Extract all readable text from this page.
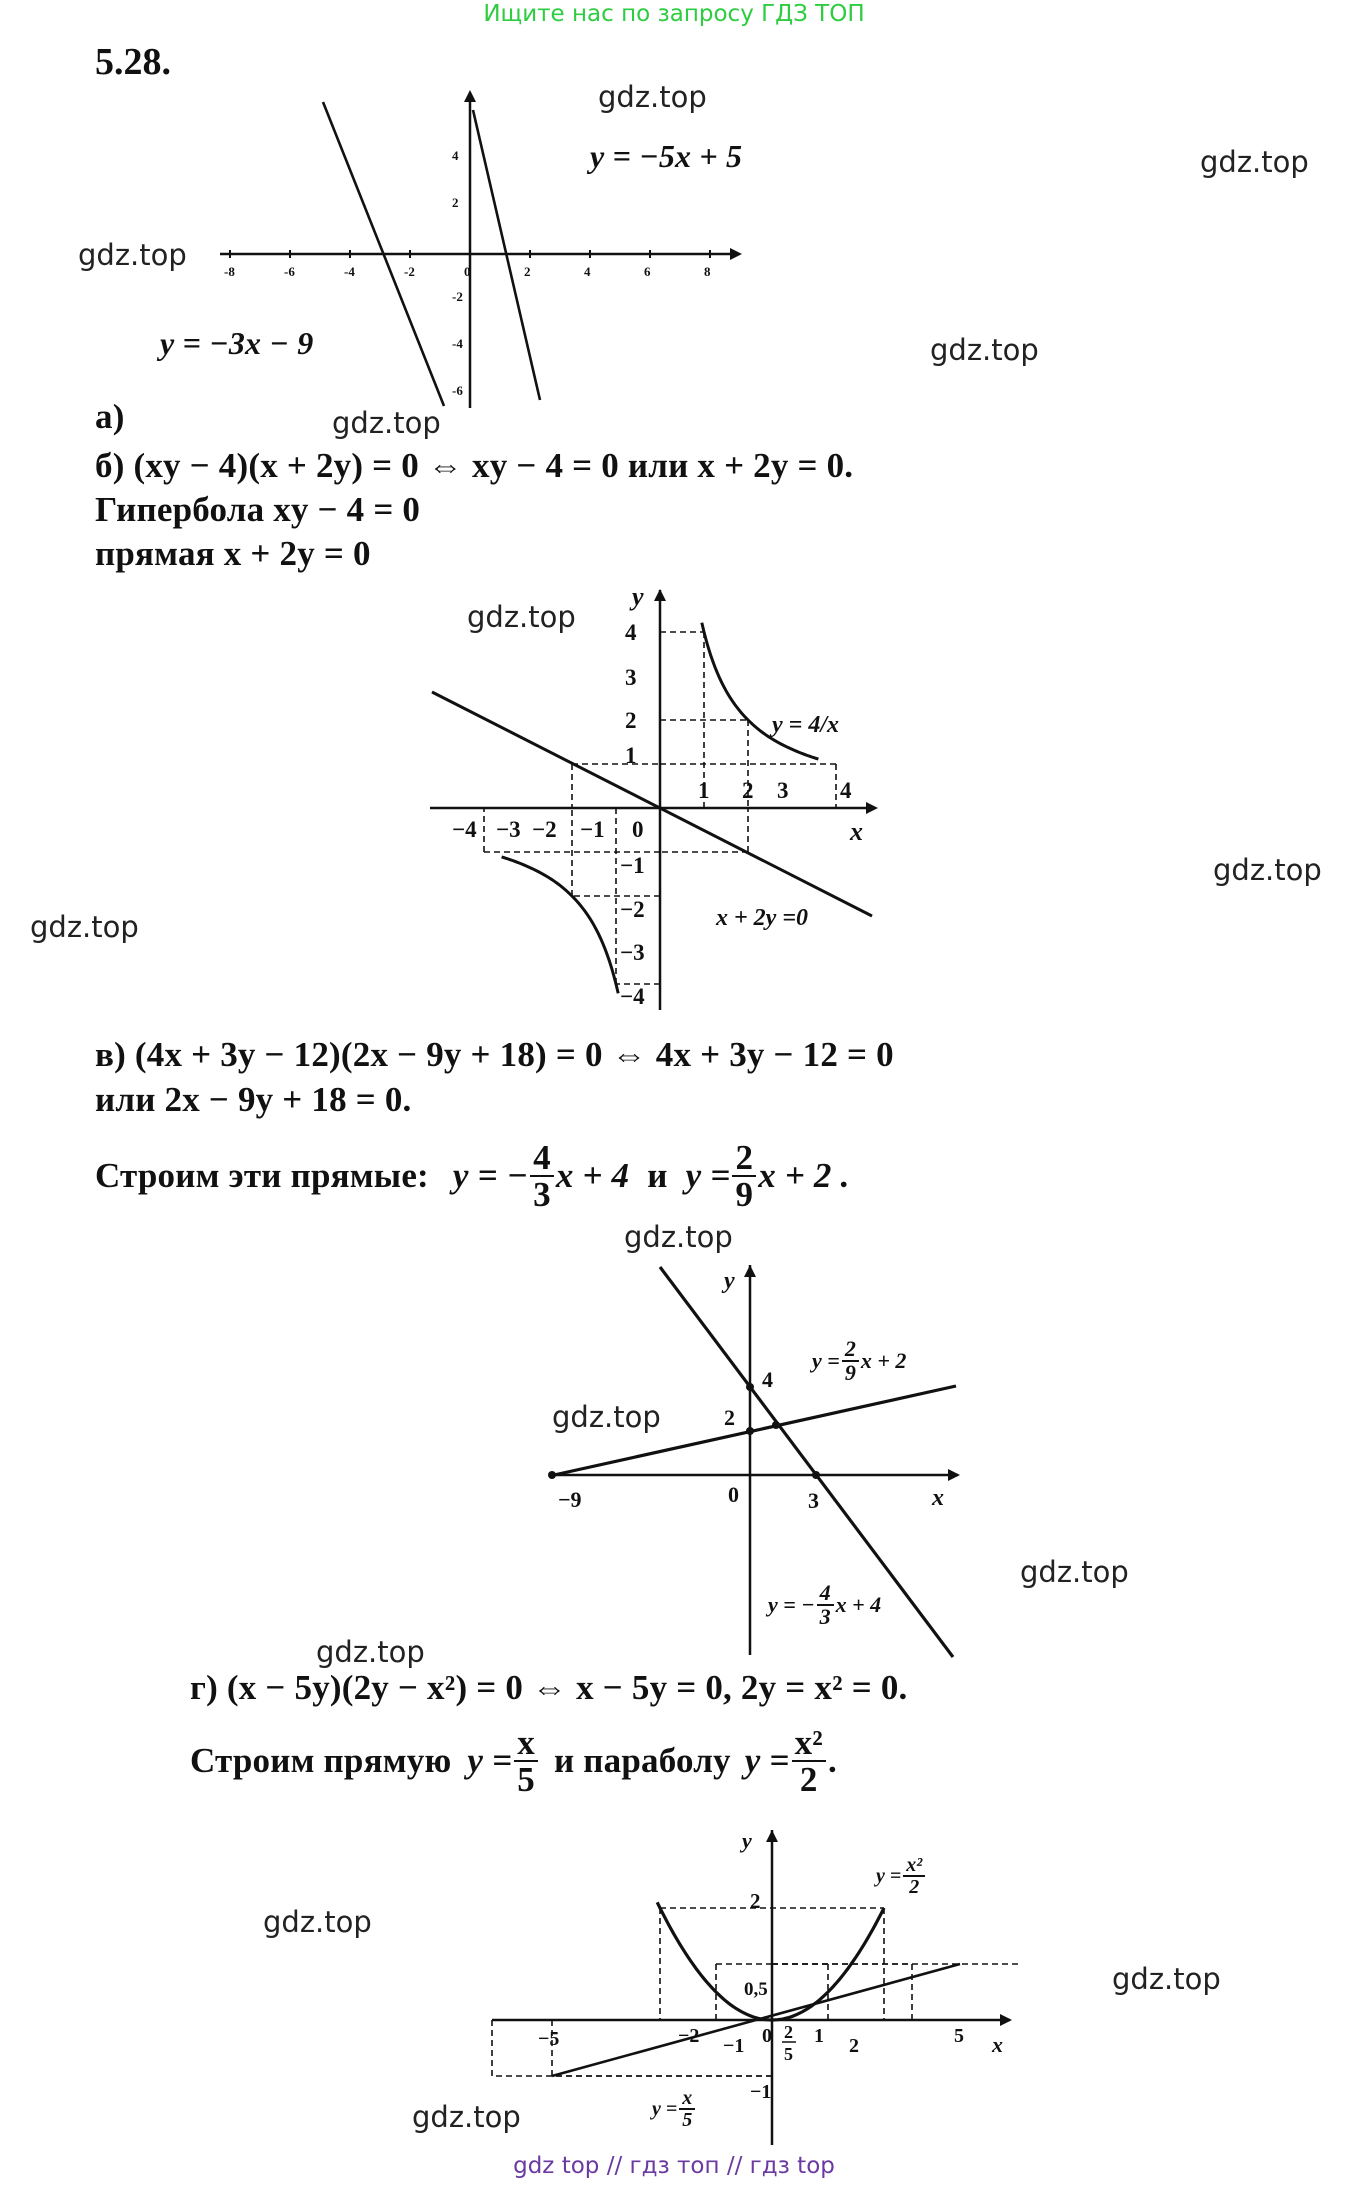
Ищите нас по запросу ГДЗ ТОП
5.28.
gdz.top
gdz.top
gdz.top
gdz.top
gdz.top
gdz.top
gdz.top
gdz.top
gdz.top
gdz.top
gdz.top
gdz.top
gdz.top
gdz.top
gdz.top
-8	-6	-4	-2	0	2	4	6	8
4
2
-2
-4
-6
y = −5x + 5
y = −3x − 9
а)
б) (xy − 4)(x + 2y) = 0 ⇔ xy − 4 = 0 или x + 2y = 0.
Гипербола xy − 4 = 0
прямая x + 2y = 0
y
x
1 2 3 4
−4 −3 −2 −1 0
4
3
2
1
−1
−2
−3
−4
y = 4/x
x + 2y =0
в) (4x + 3y − 12)(2x − 9y + 18) = 0 ⇔ 4x + 3y − 12 = 0
или 2x − 9y + 18 = 0.
Строим эти прямые: y = − $\frac{4}{3}$ x + 4 и $y = \frac{2}{9}$ x + 2 .
y
x
4
2
0	3
−9
$y = \frac{2}{9}$ x + 2
y = − $\frac{4}{3}$ x + 4
г) (x − 5y)(2y − x²) = 0 ⇔ x − 5y = 0, 2y = x² = 0.
Строим прямую $y = \frac{x}{5}$ и параболу $y = \frac{\text{x²}}{2}$ .
y
x
2
0,5
−1
−5	−2 −1 0 1 2	5
2
5
$y = \frac{\text{x²}}{2}$
$y = \frac{x}{5}$
gdz top // гдз топ // гдз top
